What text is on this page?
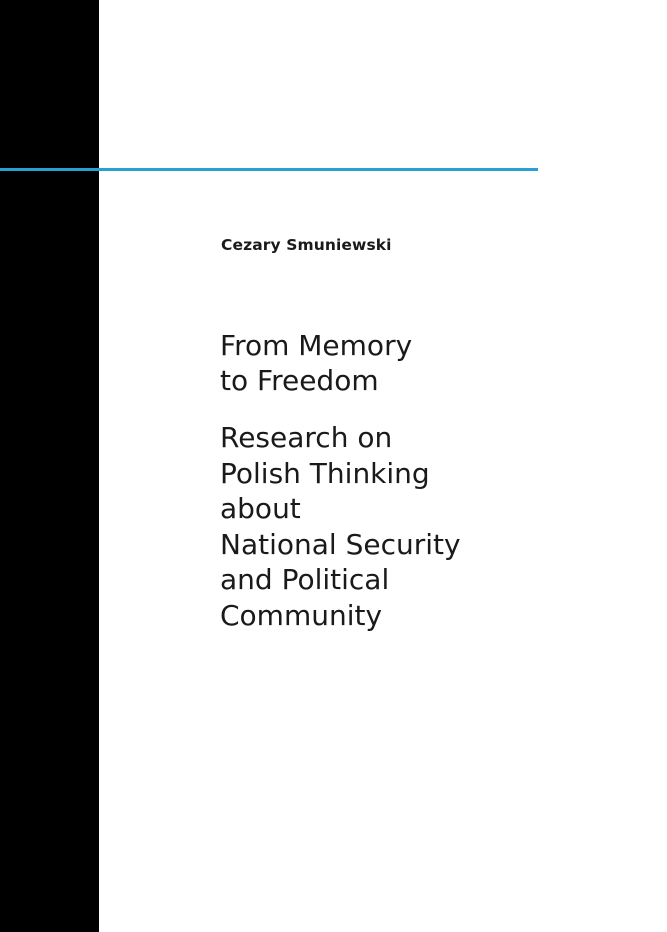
Cezary Smuniewski
From Memory
to Freedom
Research on
Polish Thinking
about
National Security
and Political
Community
